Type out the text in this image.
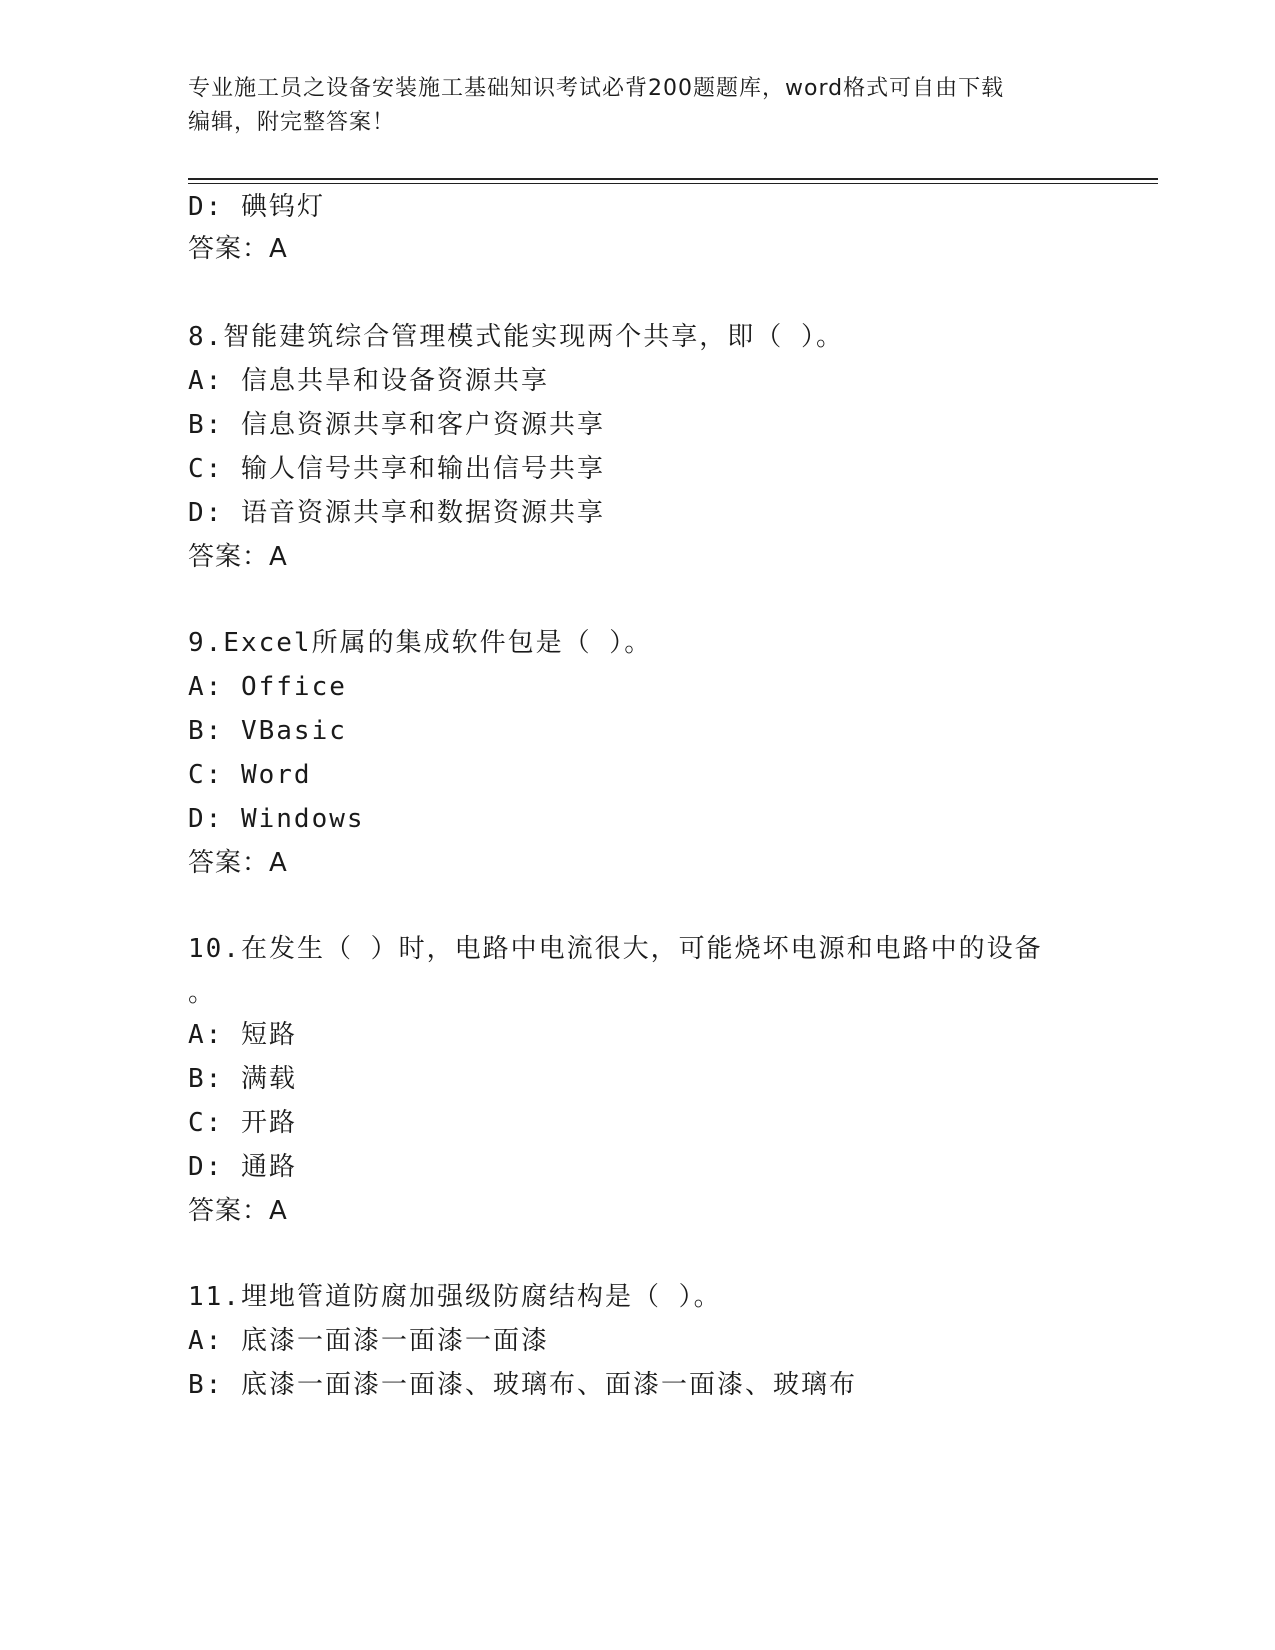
专业施工员之设备安装施工基础知识考试必背200题题库，word格式可自由下载
编辑，附完整答案！
D: 碘钨灯
答案：A
8.智能建筑综合管理模式能实现两个共享，即（ ）。
A: 信息共旱和设备资源共享
B: 信息资源共享和客户资源共享
C: 输人信号共享和输出信号共享
D: 语音资源共享和数据资源共享
答案：A
9.Excel所属的集成软件包是（ ）。
A: Office
B: VBasic
C: Word
D: Windows
答案：A
10.在发生（ ）时，电路中电流很大，可能烧坏电源和电路中的设备
。
A: 短路
B: 满载
C: 开路
D: 通路
答案：A
11.埋地管道防腐加强级防腐结构是（ ）。
A: 底漆一面漆一面漆一面漆
B: 底漆一面漆一面漆、玻璃布、面漆一面漆、玻璃布
